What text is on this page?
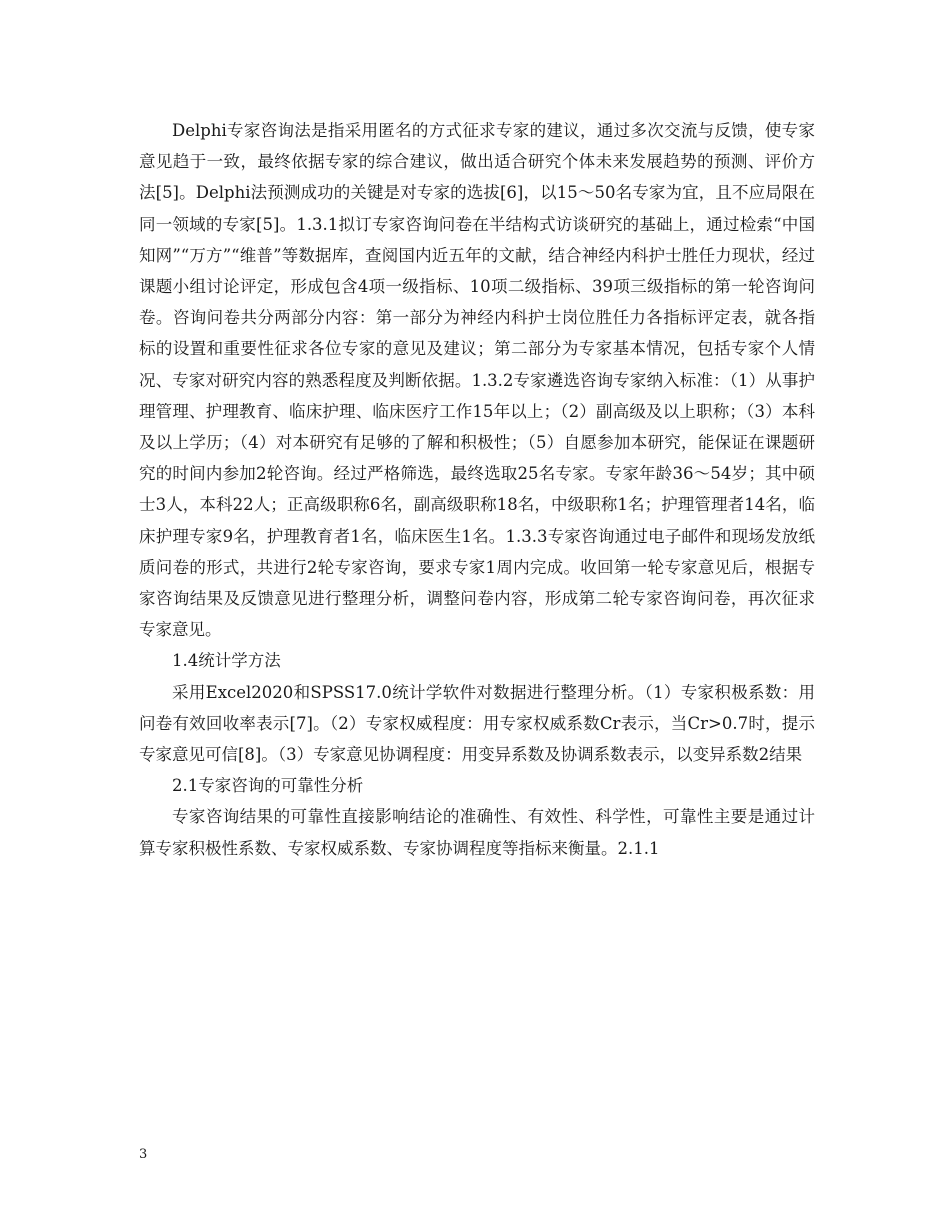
Delphi专家咨询法是指采用匿名的方式征求专家的建议，通过多次交流与反馈，使专家意见趋于一致，最终依据专家的综合建议，做出适合研究个体未来发展趋势的预测、评价方法[5]。Delphi法预测成功的关键是对专家的选拔[6]，以15～50名专家为宜，且不应局限在同一领域的专家[5]。1.3.1拟订专家咨询问卷在半结构式访谈研究的基础上，通过检索“中国知网”“万方”“维普”等数据库，查阅国内近五年的文献，结合神经内科护士胜任力现状，经过课题小组讨论评定，形成包含4项一级指标、10项二级指标、39项三级指标的第一轮咨询问卷。咨询问卷共分两部分内容：第一部分为神经内科护士岗位胜任力各指标评定表，就各指标的设置和重要性征求各位专家的意见及建议；第二部分为专家基本情况，包括专家个人情况、专家对研究内容的熟悉程度及判断依据。1.3.2专家遴选咨询专家纳入标准：（1）从事护理管理、护理教育、临床护理、临床医疗工作15年以上；（2）副高级及以上职称；（3）本科及以上学历；（4）对本研究有足够的了解和积极性；（5）自愿参加本研究，能保证在课题研究的时间内参加2轮咨询。经过严格筛选，最终选取25名专家。专家年龄36～54岁；其中硕士3人，本科22人；正高级职称6名，副高级职称18名，中级职称1名；护理管理者14名，临床护理专家9名，护理教育者1名，临床医生1名。1.3.3专家咨询通过电子邮件和现场发放纸质问卷的形式，共进行2轮专家咨询，要求专家1周内完成。收回第一轮专家意见后，根据专家咨询结果及反馈意见进行整理分析，调整问卷内容，形成第二轮专家咨询问卷，再次征求专家意见。

1.4统计学方法

采用Excel2020和SPSS17.0统计学软件对数据进行整理分析。（1）专家积极系数：用问卷有效回收率表示[7]。（2）专家权威程度：用专家权威系数Cr表示，当Cr>0.7时，提示专家意见可信[8]。（3）专家意见协调程度：用变异系数及协调系数表示，以变异系数2结果

2.1专家咨询的可靠性分析

专家咨询结果的可靠性直接影响结论的准确性、有效性、科学性，可靠性主要是通过计算专家积极性系数、专家权威系数、专家协调程度等指标来衡量。2.1.1

3
